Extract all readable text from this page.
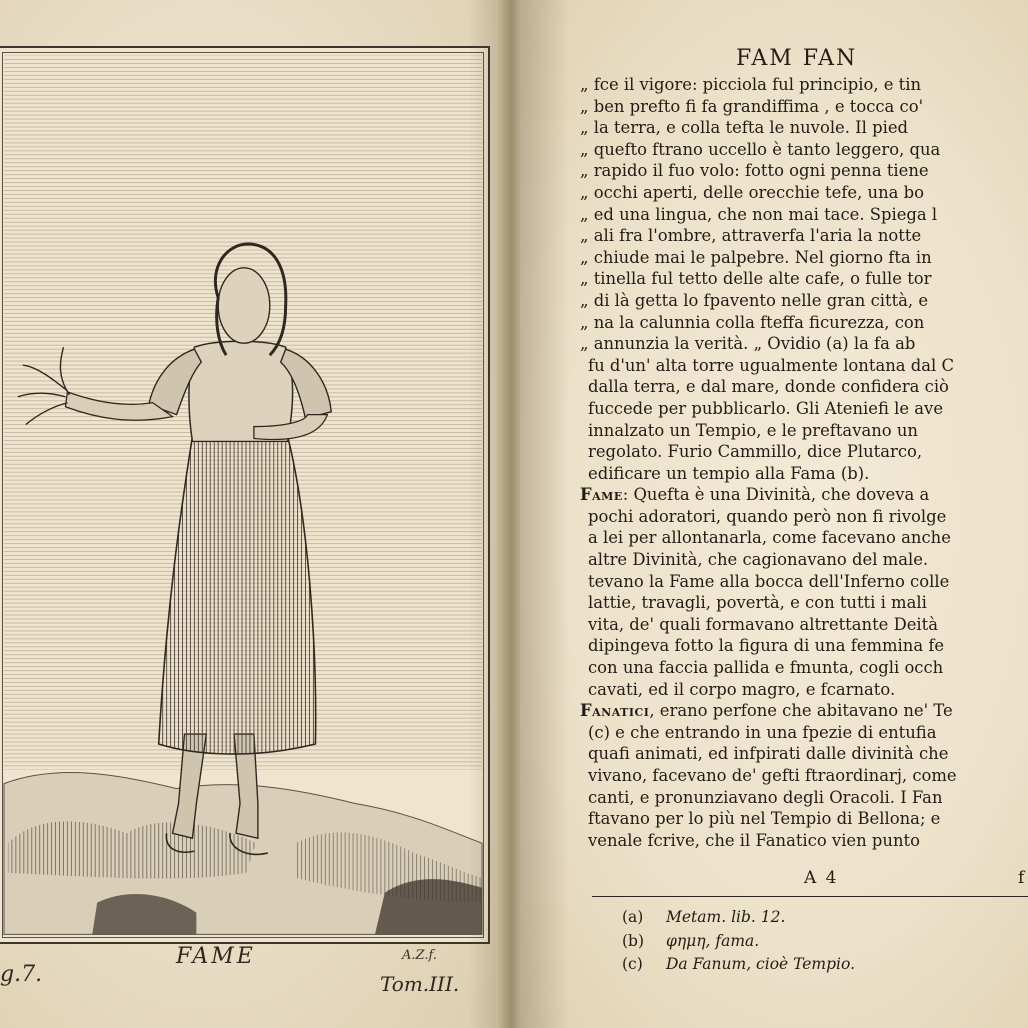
FAME	A.Z.f.
g.7.	Tom.III.
FAM FAN
„ fce il vigore: picciola ful principio, e tin
„ ben prefto fi fa grandiffima , e tocca co'
„ la terra, e colla tefta le nuvole. Il pied
„ quefto ftrano uccello è tanto leggero, qua
„ rapido il fuo volo: fotto ogni penna tiene
„ occhi aperti, delle orecchie tefe, una bo
„ ed una lingua, che non mai tace. Spiega l
„ ali fra l'ombre, attraverfa l'aria la notte
„ chiude mai le palpebre. Nel giorno fta in
„ tinella ful tetto delle alte cafe, o fulle tor
„ di là getta lo fpavento nelle gran città, e
„ na la calunnia colla fteffa ficurezza, con
„ annunzia la verità. „ Ovidio (a) la fa ab
fu d'un' alta torre ugualmente lontana dal C
dalla terra, e dal mare, donde confidera ciò
fuccede per pubblicarlo. Gli Ateniefi le ave
innalzato un Tempio, e le preftavano un
regolato. Furio Cammillo, dice Plutarco,
edificare un tempio alla Fama (b).
Fame: Quefta è una Divinità, che doveva a
pochi adoratori, quando però non fi rivolge
a lei per allontanarla, come facevano anche
altre Divinità, che cagionavano del male.
tevano la Fame alla bocca dell'Inferno colle
lattie, travagli, povertà, e con tutti i mali
vita, de' quali formavano altrettante Deità
dipingeva fotto la figura di una femmina fe
con una faccia pallida e fmunta, cogli occh
cavati, ed il corpo magro, e fcarnato.
Fanatici, erano perfone che abitavano ne' Te
(c) e che entrando in una fpezie di entufia
quafi animati, ed infpirati dalle divinità che
vivano, facevano de' gefti ftraordinarj, come
canti, e pronunziavano degli Oracoli. I Fan
ftavano per lo più nel Tempio di Bellona; e
venale fcrive, che il Fanatico vien punto
A 4	f
(a) Metam. lib. 12.
(b) φημη, fama.
(c) Da Fanum, cioè Tempio.
